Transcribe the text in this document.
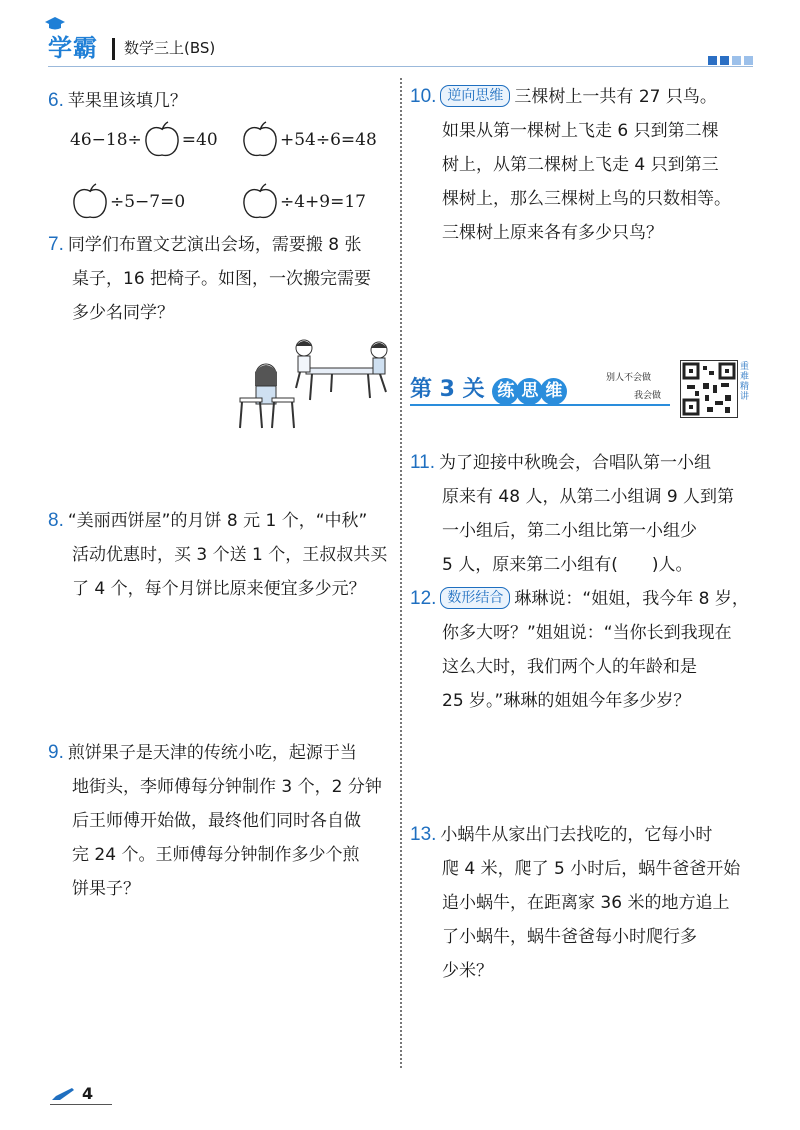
学霸 数学三上(BS)
6. 苹果里该填几？
46−18÷ =40	+54÷6=48
÷5−7=0	÷4+9=17
7. 同学们布置文艺演出会场，需要搬 8 张
桌子，16 把椅子。如图，一次搬完需要
多少名同学？
8. “美丽西饼屋”的月饼 8 元 1 个，“中秋”
活动优惠时，买 3 个送 1 个，王叔叔共买
了 4 个，每个月饼比原来便宜多少元？
9. 煎饼果子是天津的传统小吃，起源于当
地街头，李师傅每分钟制作 3 个，2 分钟
后王师傅开始做，最终他们同时各自做
完 24 个。王师傅每分钟制作多少个煎
饼果子？
10. 逆向思维 三棵树上一共有 27 只鸟。
如果从第一棵树上飞走 6 只到第二棵
树上，从第二棵树上飞走 4 只到第三
棵树上，那么三棵树上鸟的只数相等。
三棵树上原来各有多少只鸟？
第 3 关 练 思 维
别人不会做
我会做
重难精讲
11. 为了迎接中秋晚会，合唱队第一小组
原来有 48 人，从第二小组调 9 人到第
一小组后，第二小组比第一小组少
5 人，原来第二小组有(　　)人。
12. 数形结合 琳琳说：“姐姐，我今年 8 岁，
你多大呀？”姐姐说：“当你长到我现在
这么大时，我们两个人的年龄和是
25 岁。”琳琳的姐姐今年多少岁？
13. 小蜗牛从家出门去找吃的，它每小时
爬 4 米，爬了 5 小时后，蜗牛爸爸开始
追小蜗牛，在距离家 36 米的地方追上
了小蜗牛，蜗牛爸爸每小时爬行多
少米？
4
